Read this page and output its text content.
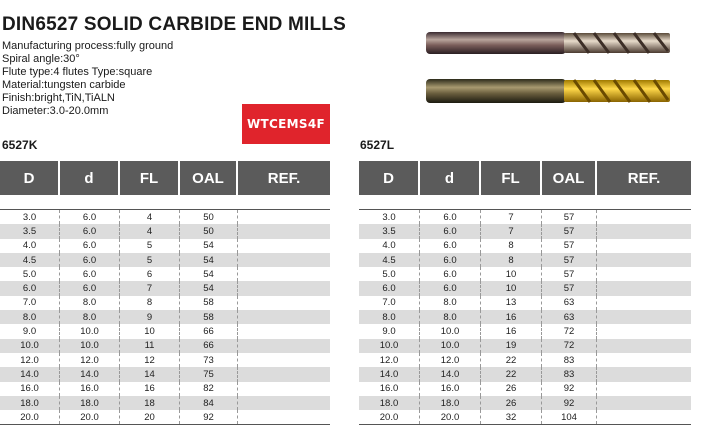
DIN6527 SOLID CARBIDE END MILLS
Manufacturing process:fully ground
Spiral angle:30°
Flute type:4 flutes Type:square
Material:tungsten carbide
Finish:bright,TiN,TiALN
Diameter:3.0-20.0mm
WTCEMS4F
6527K	6527L
D	d	FL	OAL	REF.
3.0	6.0	4	50
3.5	6.0	4	50
4.0	6.0	5	54
4.5	6.0	5	54
5.0	6.0	6	54
6.0	6.0	7	54
7.0	8.0	8	58
8.0	8.0	9	58
9.0	10.0	10	66
10.0	10.0	11	66
12.0	12.0	12	73
14.0	14.0	14	75
16.0	16.0	16	82
18.0	18.0	18	84
20.0	20.0	20	92
D	d	FL	OAL	REF.
3.0	6.0	7	57
3.5	6.0	7	57
4.0	6.0	8	57
4.5	6.0	8	57
5.0	6.0	10	57
6.0	6.0	10	57
7.0	8.0	13	63
8.0	8.0	16	63
9.0	10.0	16	72
10.0	10.0	19	72
12.0	12.0	22	83
14.0	14.0	22	83
16.0	16.0	26	92
18.0	18.0	26	92
20.0	20.0	32	104
